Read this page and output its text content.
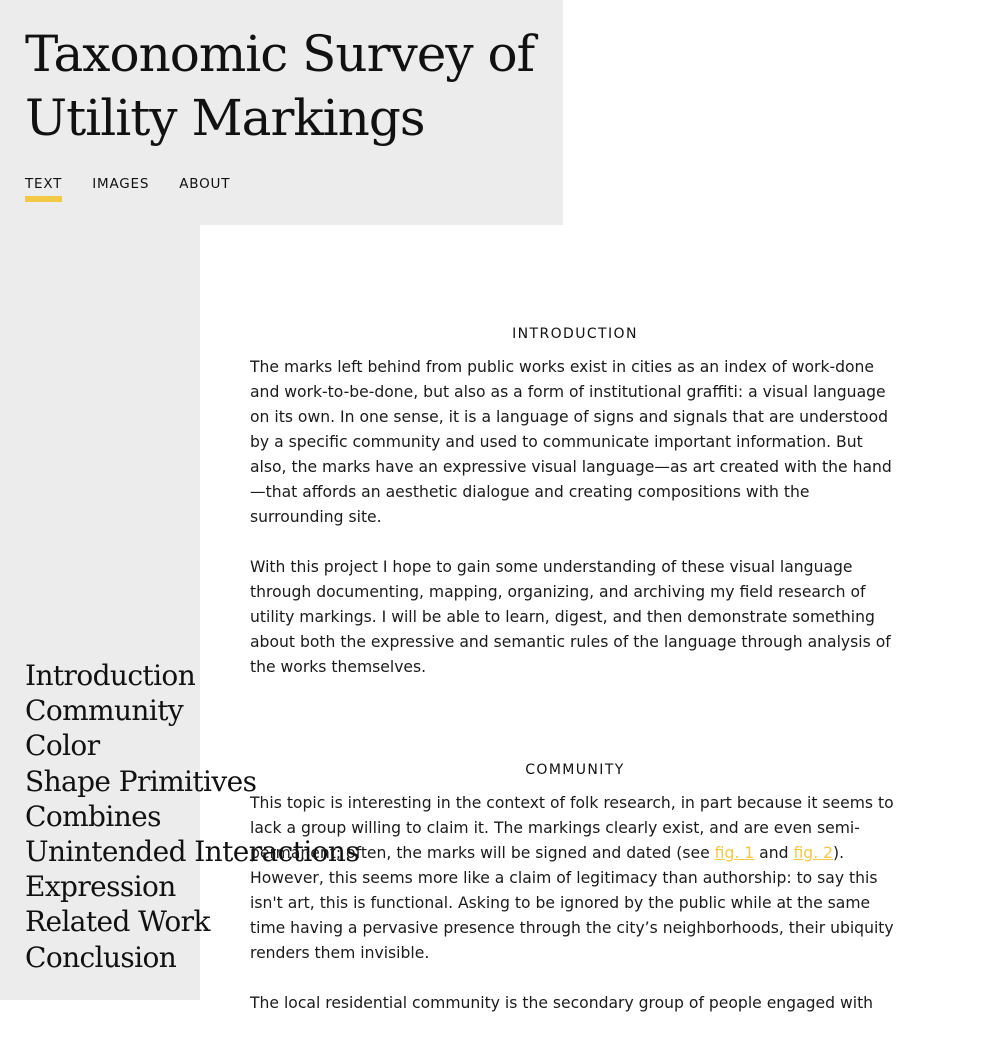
Taxonomic Survey of Utility Markings
TEXT IMAGES ABOUT
Introduction
Community
Color
Shape Primitives
Combines
Unintended Interactions
Expression
Related Work
Conclusion
INTRODUCTION

The marks left behind from public works exist in cities as an index of work-done and work-to-be-done, but also as a form of institutional graffiti: a visual language on its own. In one sense, it is a language of signs and signals that are understood by a specific community and used to communicate important information. But also, the marks have an expressive visual language—as art created with the hand—that affords an aesthetic dialogue and creating compositions with the surrounding site.

With this project I hope to gain some understanding of these visual language through documenting, mapping, organizing, and archiving my field research of utility markings. I will be able to learn, digest, and then demonstrate something about both the expressive and semantic rules of the language through analysis of the works themselves.

COMMUNITY

This topic is interesting in the context of folk research, in part because it seems to lack a group willing to claim it. The markings clearly exist, and are even semi-permanent; often, the marks will be signed and dated (see fig. 1 and fig. 2). However, this seems more like a claim of legitimacy than authorship: to say this isn't art, this is functional. Asking to be ignored by the public while at the same time having a pervasive presence through the city’s neighborhoods, their ubiquity renders them invisible.

The local residential community is the secondary group of people engaged with
